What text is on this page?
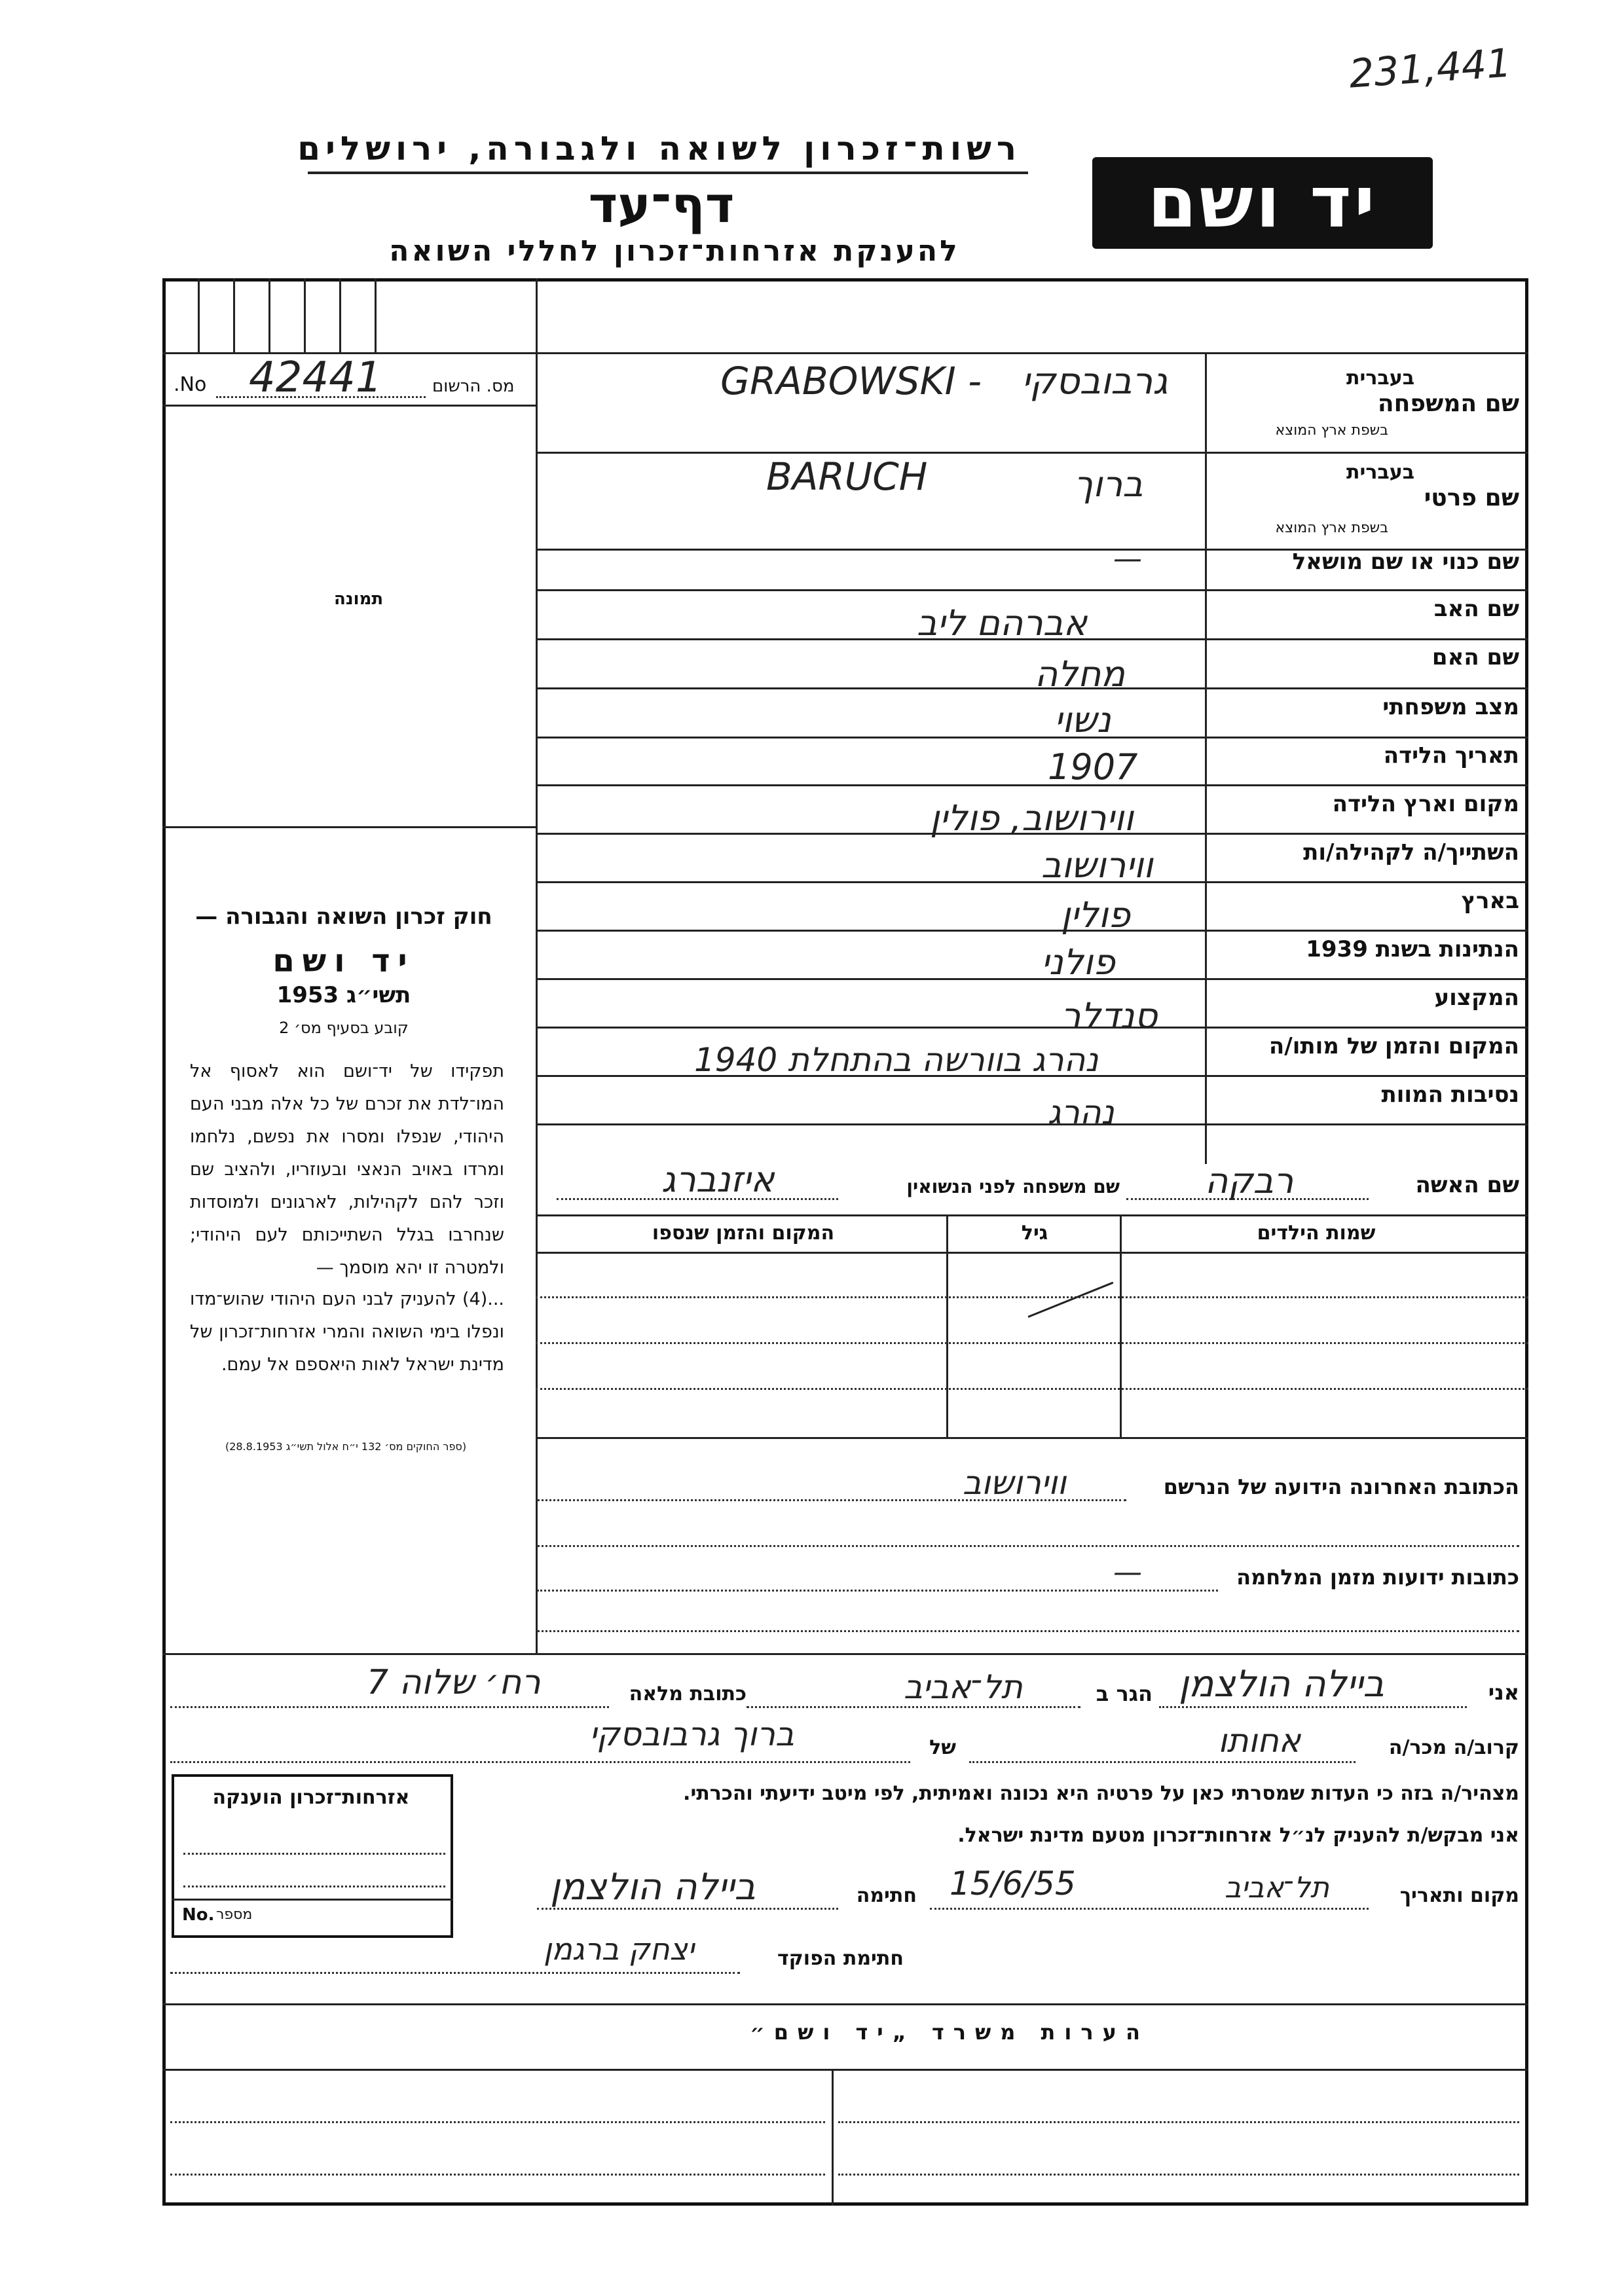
231,441
רשות־זכרון לשואה ולגבורה, ירושלים
דף־עד
להענקת אזרחות־זכרון לחללי השואה
יד ושם
No. 42441	מס. הרשום
תמונה
חוק זכרון השואה והגבורה —
יד ושם
תשי״ג 1953
קובע בסעיף מס׳ 2
תפקידו של יד־ושם הוא לאסוף אל המו־לדת את זכרם של כל אלה מבני העם היהודי, שנפלו ומסרו את נפשם, נלחמו ומרדו באויב הנאצי ובעוזריו, ולהציב שם וזכר להם לקהילות, לארגונים ולמוסדות שנחרבו בגלל השתייכותם לעם היהודי; ולמטרה זו יהא מוסמך —
...(4) להעניק לבני העם היהודי שהוש־מדו ונפלו בימי השואה והמרי אזרחות־זכרון של מדינת ישראל לאות היאספם אל עמם.
(ספר החוקים מס׳ 132 י״ח אלול תשי״ג 28.8.1953)
שם המשפחה
בעברית
בשפת ארץ המוצא
GRABOWSKI - גרבובסקי
שם פרטי
בעברית
בשפת ארץ המוצא
BARUCH	ברוך
שם כנוי או שם מושאל
—
שם האב
אברהם ליב
שם האם
מחלה
מצב משפחתי
נשוי
תאריך הלידה
1907
מקום וארץ הלידה
ווירושוב, פולין
השתייך/ה לקהילה/ות
ווירושוב
בארץ
פולין
הנתינות בשנת 1939
פולני
המקצוע
סנדלר
המקום והזמן של מותו/ה
נהרג בוורשה בהתחלת 1940
נסיבות המוות
נהרג
שם האשה
רבקה
שם משפחה לפני הנשואין
איזנברג
שמות הילדים
גיל
המקום והזמן שנספו
הכתובת האחרונה הידועה של הנרשם
ווירושוב
כתובות ידועות מזמן המלחמה
—
אני
ביילה הולצמן
הגר ב
תל־אביב
כתובת מלאה
רח׳ שלוה 7
קרוב/ה מכר/ה
אחותו
של
ברוך גרבובסקי
מצהיר/ה בזה כי העדות שמסרתי כאן על פרטיה היא נכונה ואמיתית, לפי מיטב ידיעתי והכרתי.
אני מבקש/ת להעניק לנ״ל אזרחות־זכרון מטעם מדינת ישראל.
מקום ותאריך
תל־אביב
15/6/55
חתימה
ביילה הולצמן
חתימת הפוקד
יצחק ברגמן
אזרחות־זכרון הוענקה
No. מספר
הערות משרד „יד ושם״
